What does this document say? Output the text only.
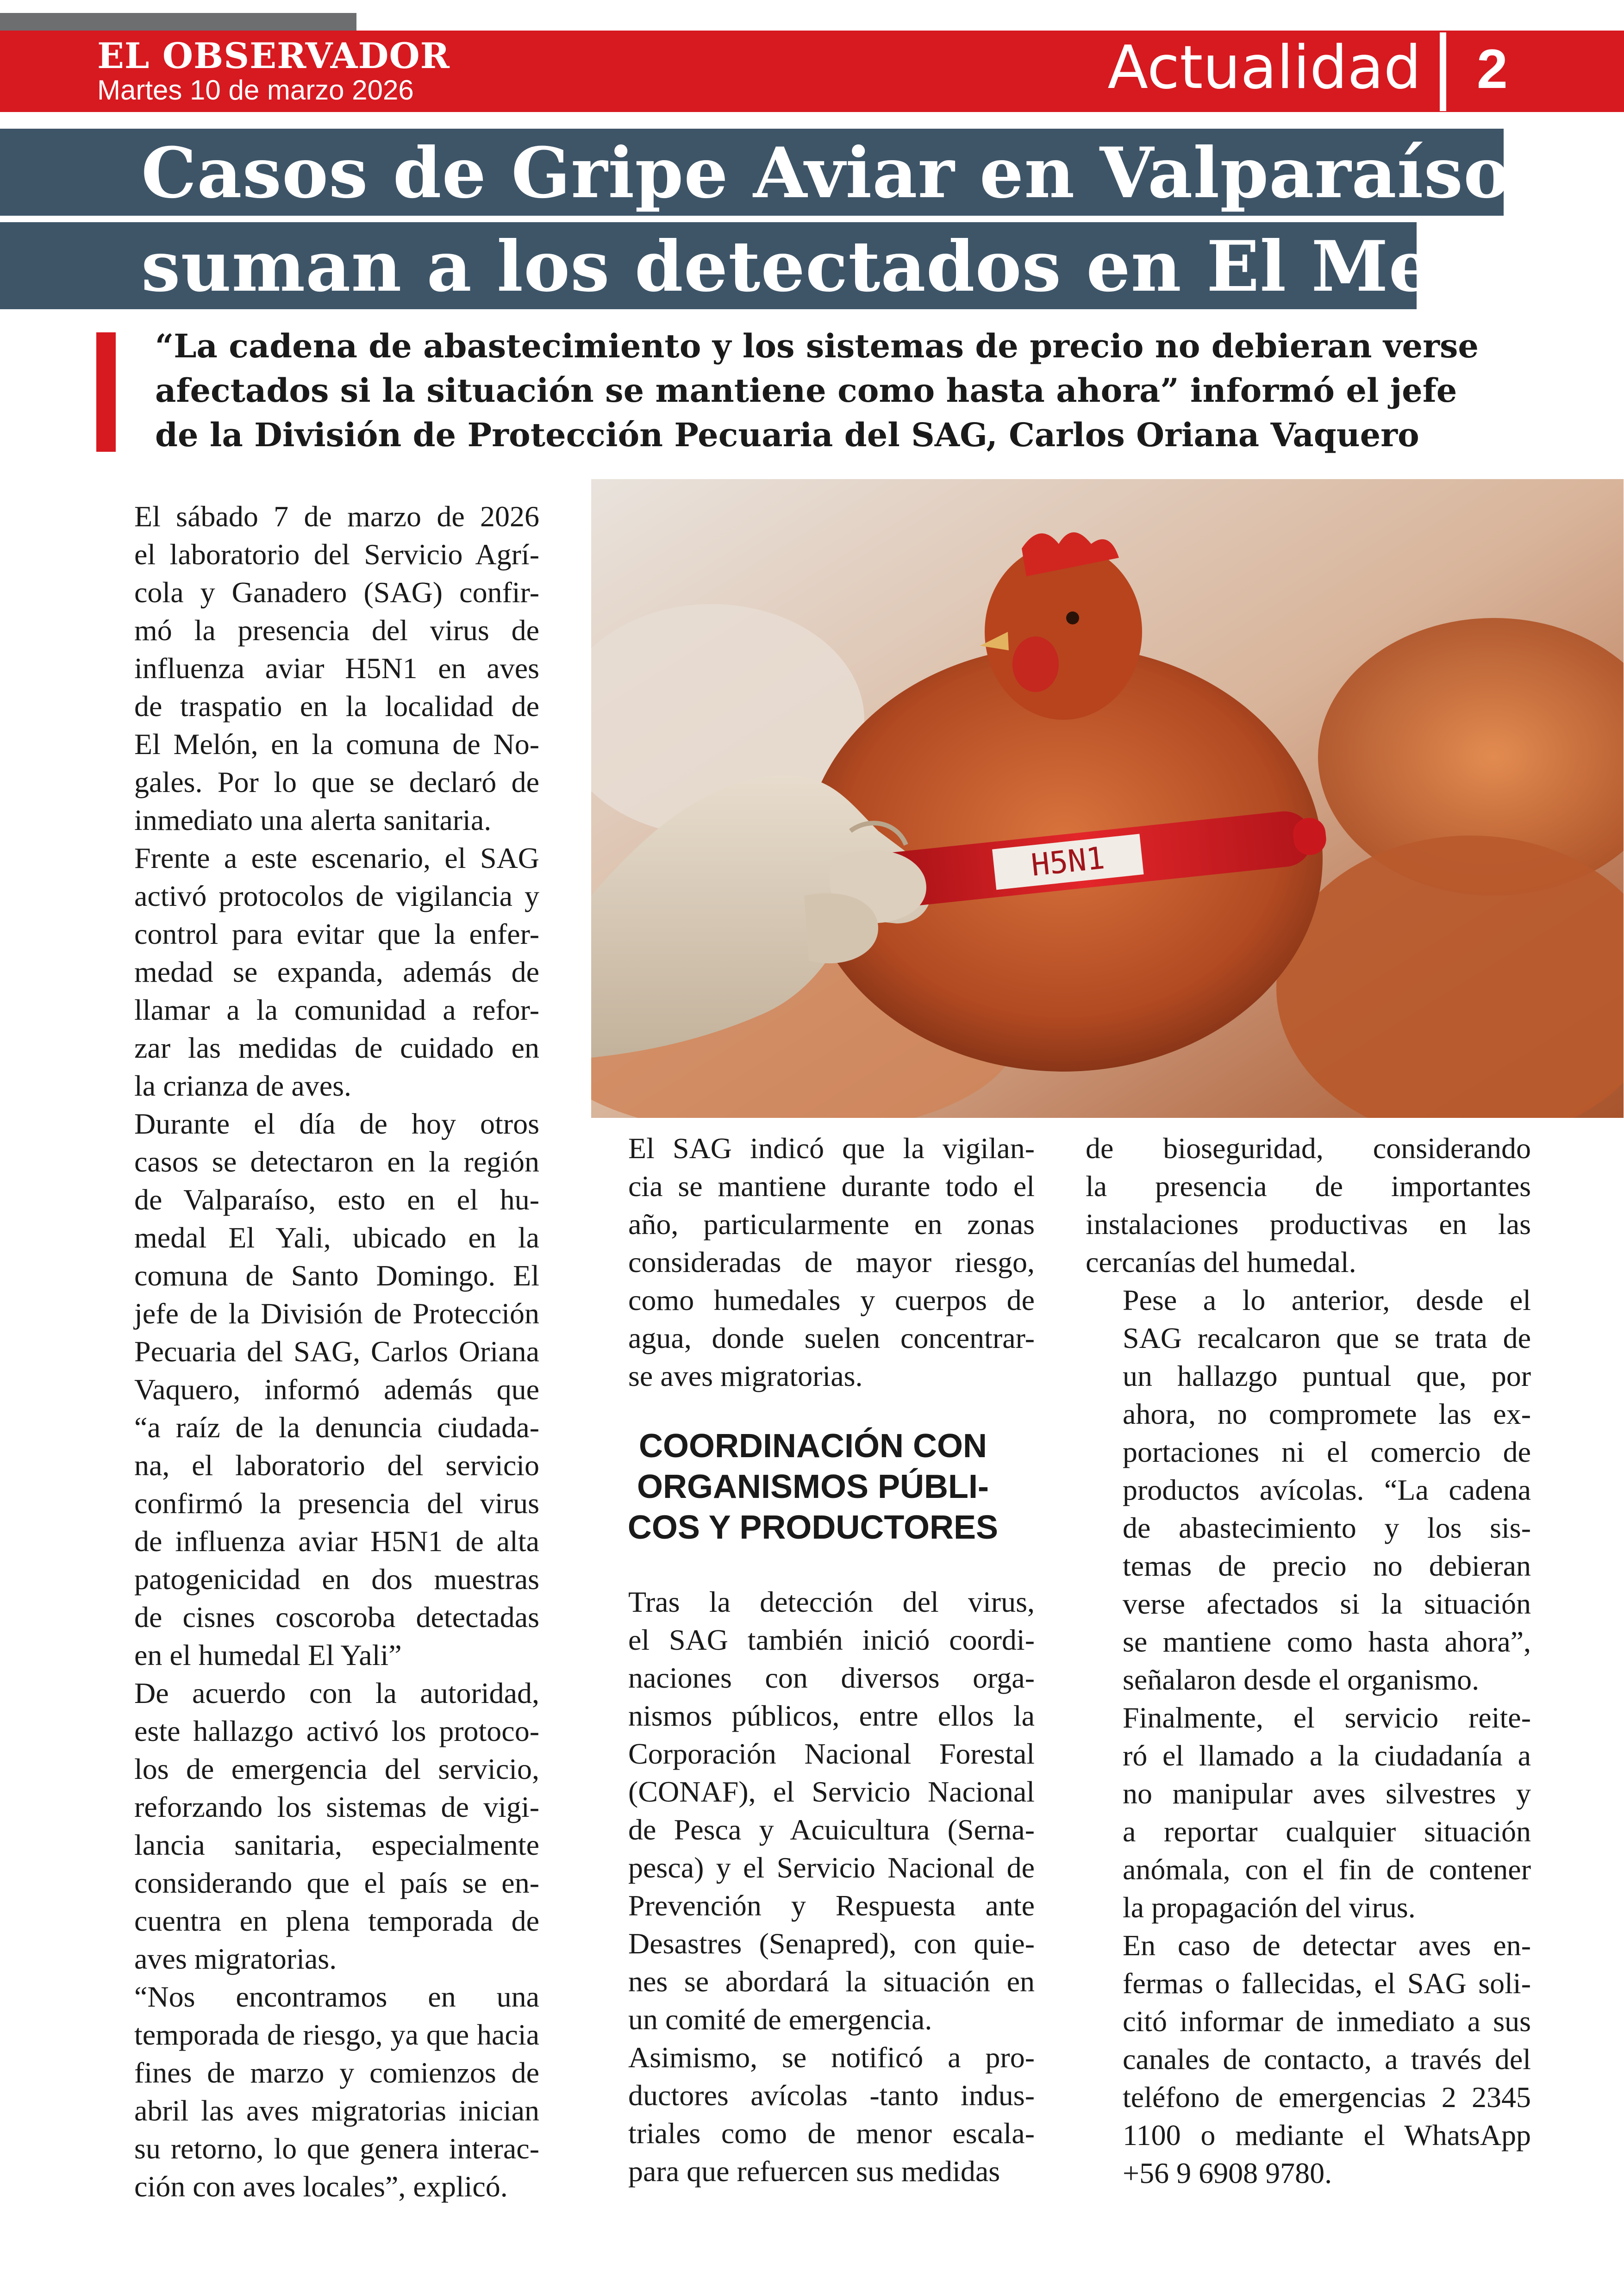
EL OBSERVADOR
Martes 10 de marzo 2026	Actualidad 2
Casos de Gripe Aviar en Valparaíso se
suman a los detectados en El Melón
“La cadena de abastecimiento y los sistemas de precio no debieran verse
afectados si la situación se mantiene como hasta ahora” informó el jefe
de la División de Protección Pecuaria del SAG, Carlos Oriana Vaquero
H5N1

El sábado 7 de marzo de 2026
el laboratorio del Servicio Agrí-
cola y Ganadero (SAG) confir-
mó la presencia del virus de
influenza aviar H5N1 en aves
de traspatio en la localidad de
El Melón, en la comuna de No-
gales. Por lo que se declaró de
inmediato una alerta sanitaria.

Frente a este escenario, el SAG
activó protocolos de vigilancia y
control para evitar que la enfer-
medad se expanda, además de
llamar a la comunidad a refor-
zar las medidas de cuidado en
la crianza de aves.

Durante el día de hoy otros
casos se detectaron en la región
de Valparaíso, esto en el hu-
medal El Yali, ubicado en la
comuna de Santo Domingo. El
jefe de la División de Protección
Pecuaria del SAG, Carlos Oriana
Vaquero, informó además que
“a raíz de la denuncia ciudada-
na, el laboratorio del servicio
confirmó la presencia del virus
de influenza aviar H5N1 de alta
patogenicidad en dos muestras
de cisnes coscoroba detectadas
en el humedal El Yali”

De acuerdo con la autoridad,
este hallazgo activó los protoco-
los de emergencia del servicio,
reforzando los sistemas de vigi-
lancia sanitaria, especialmente
considerando que el país se en-
cuentra en plena temporada de
aves migratorias.

“Nos encontramos en una
temporada de riesgo, ya que hacia
fines de marzo y comienzos de
abril las aves migratorias inician
su retorno, lo que genera interac-
ción con aves locales”, explicó.

El SAG indicó que la vigilan-
cia se mantiene durante todo el
año, particularmente en zonas
consideradas de mayor riesgo,
como humedales y cuerpos de
agua, donde suelen concentrar-
se aves migratorias.

COORDINACIÓN CON
ORGANISMOS PÚBLI-
COS Y PRODUCTORES

Tras la detección del virus,
el SAG también inició coordi-
naciones con diversos orga-
nismos públicos, entre ellos la
Corporación Nacional Forestal
(CONAF), el Servicio Nacional
de Pesca y Acuicultura (Serna-
pesca) y el Servicio Nacional de
Prevención y Respuesta ante
Desastres (Senapred), con quie-
nes se abordará la situación en
un comité de emergencia.

Asimismo, se notificó a pro-
ductores avícolas -tanto indus-
triales como de menor escala-
para que refuercen sus medidas

de bioseguridad, considerando
la presencia de importantes
instalaciones productivas en las
cercanías del humedal.

Pese a lo anterior, desde el
SAG recalcaron que se trata de
un hallazgo puntual que, por
ahora, no compromete las ex-
portaciones ni el comercio de
productos avícolas. “La cadena
de abastecimiento y los sis-
temas de precio no debieran
verse afectados si la situación
se mantiene como hasta ahora”,
señalaron desde el organismo.

Finalmente, el servicio reite-
ró el llamado a la ciudadanía a
no manipular aves silvestres y
a reportar cualquier situación
anómala, con el fin de contener
la propagación del virus.

En caso de detectar aves en-
fermas o fallecidas, el SAG soli-
citó informar de inmediato a sus
canales de contacto, a través del
teléfono de emergencias 2 2345
1100 o mediante el WhatsApp
+56 9 6908 9780.
